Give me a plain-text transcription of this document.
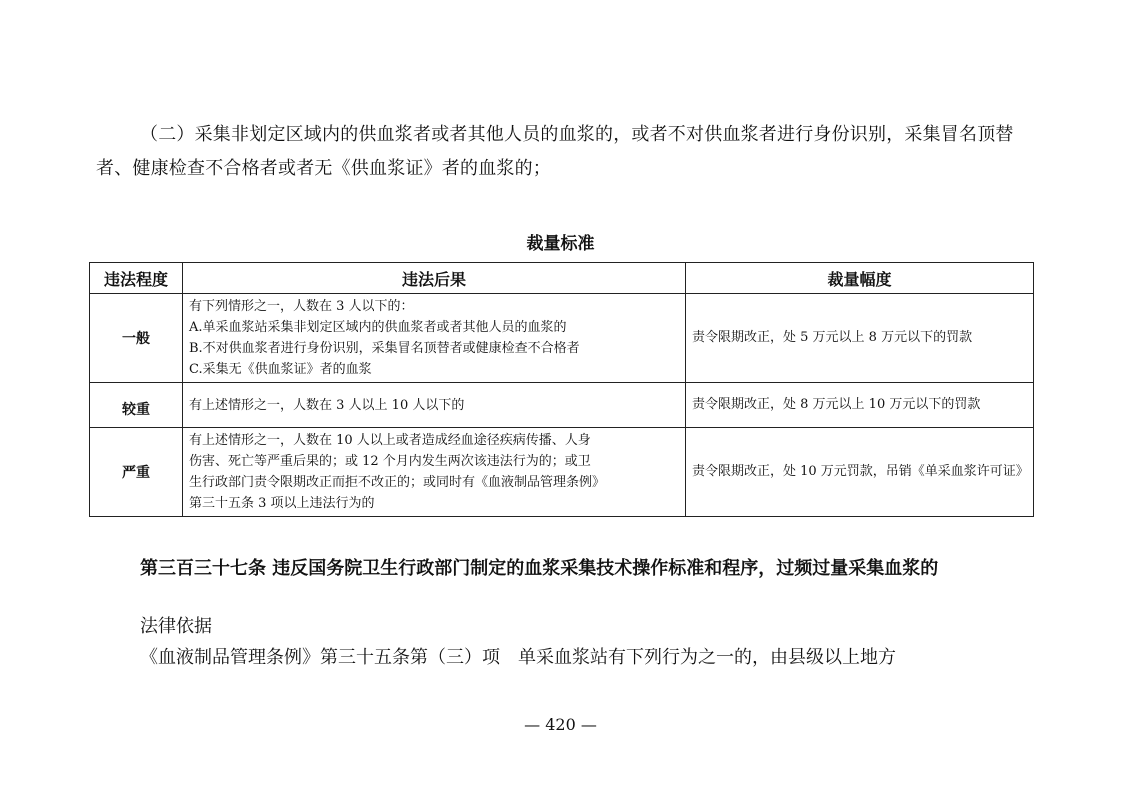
（二）采集非划定区域内的供血浆者或者其他人员的血浆的，或者不对供血浆者进行身份识别，采集冒名顶替者、健康检查不合格者或者无《供血浆证》者的血浆的；
裁量标准
违法程度	违法后果	裁量幅度
一般	有下列情形之一，人数在 3 人以下的：
A.单采血浆站采集非划定区域内的供血浆者或者其他人员的血浆的
B.不对供血浆者进行身份识别，采集冒名顶替者或健康检查不合格者
C.采集无《供血浆证》者的血浆	责令限期改正，处 5 万元以上 8 万元以下的罚款
较重	有上述情形之一，人数在 3 人以上 10 人以下的	责令限期改正，处 8 万元以上 10 万元以下的罚款
严重	有上述情形之一，人数在 10 人以上或者造成经血途径疾病传播、人身
伤害、死亡等严重后果的；或 12 个月内发生两次该违法行为的；或卫
生行政部门责令限期改正而拒不改正的；或同时有《血液制品管理条例》
第三十五条 3 项以上违法行为的	责令限期改正，处 10 万元罚款，吊销《单采血浆许可证》
第三百三十七条 违反国务院卫生行政部门制定的血浆采集技术操作标准和程序，过频过量采集血浆的
法律依据
《血液制品管理条例》第三十五条第（三）项　单采血浆站有下列行为之一的，由县级以上地方
— 420 —
